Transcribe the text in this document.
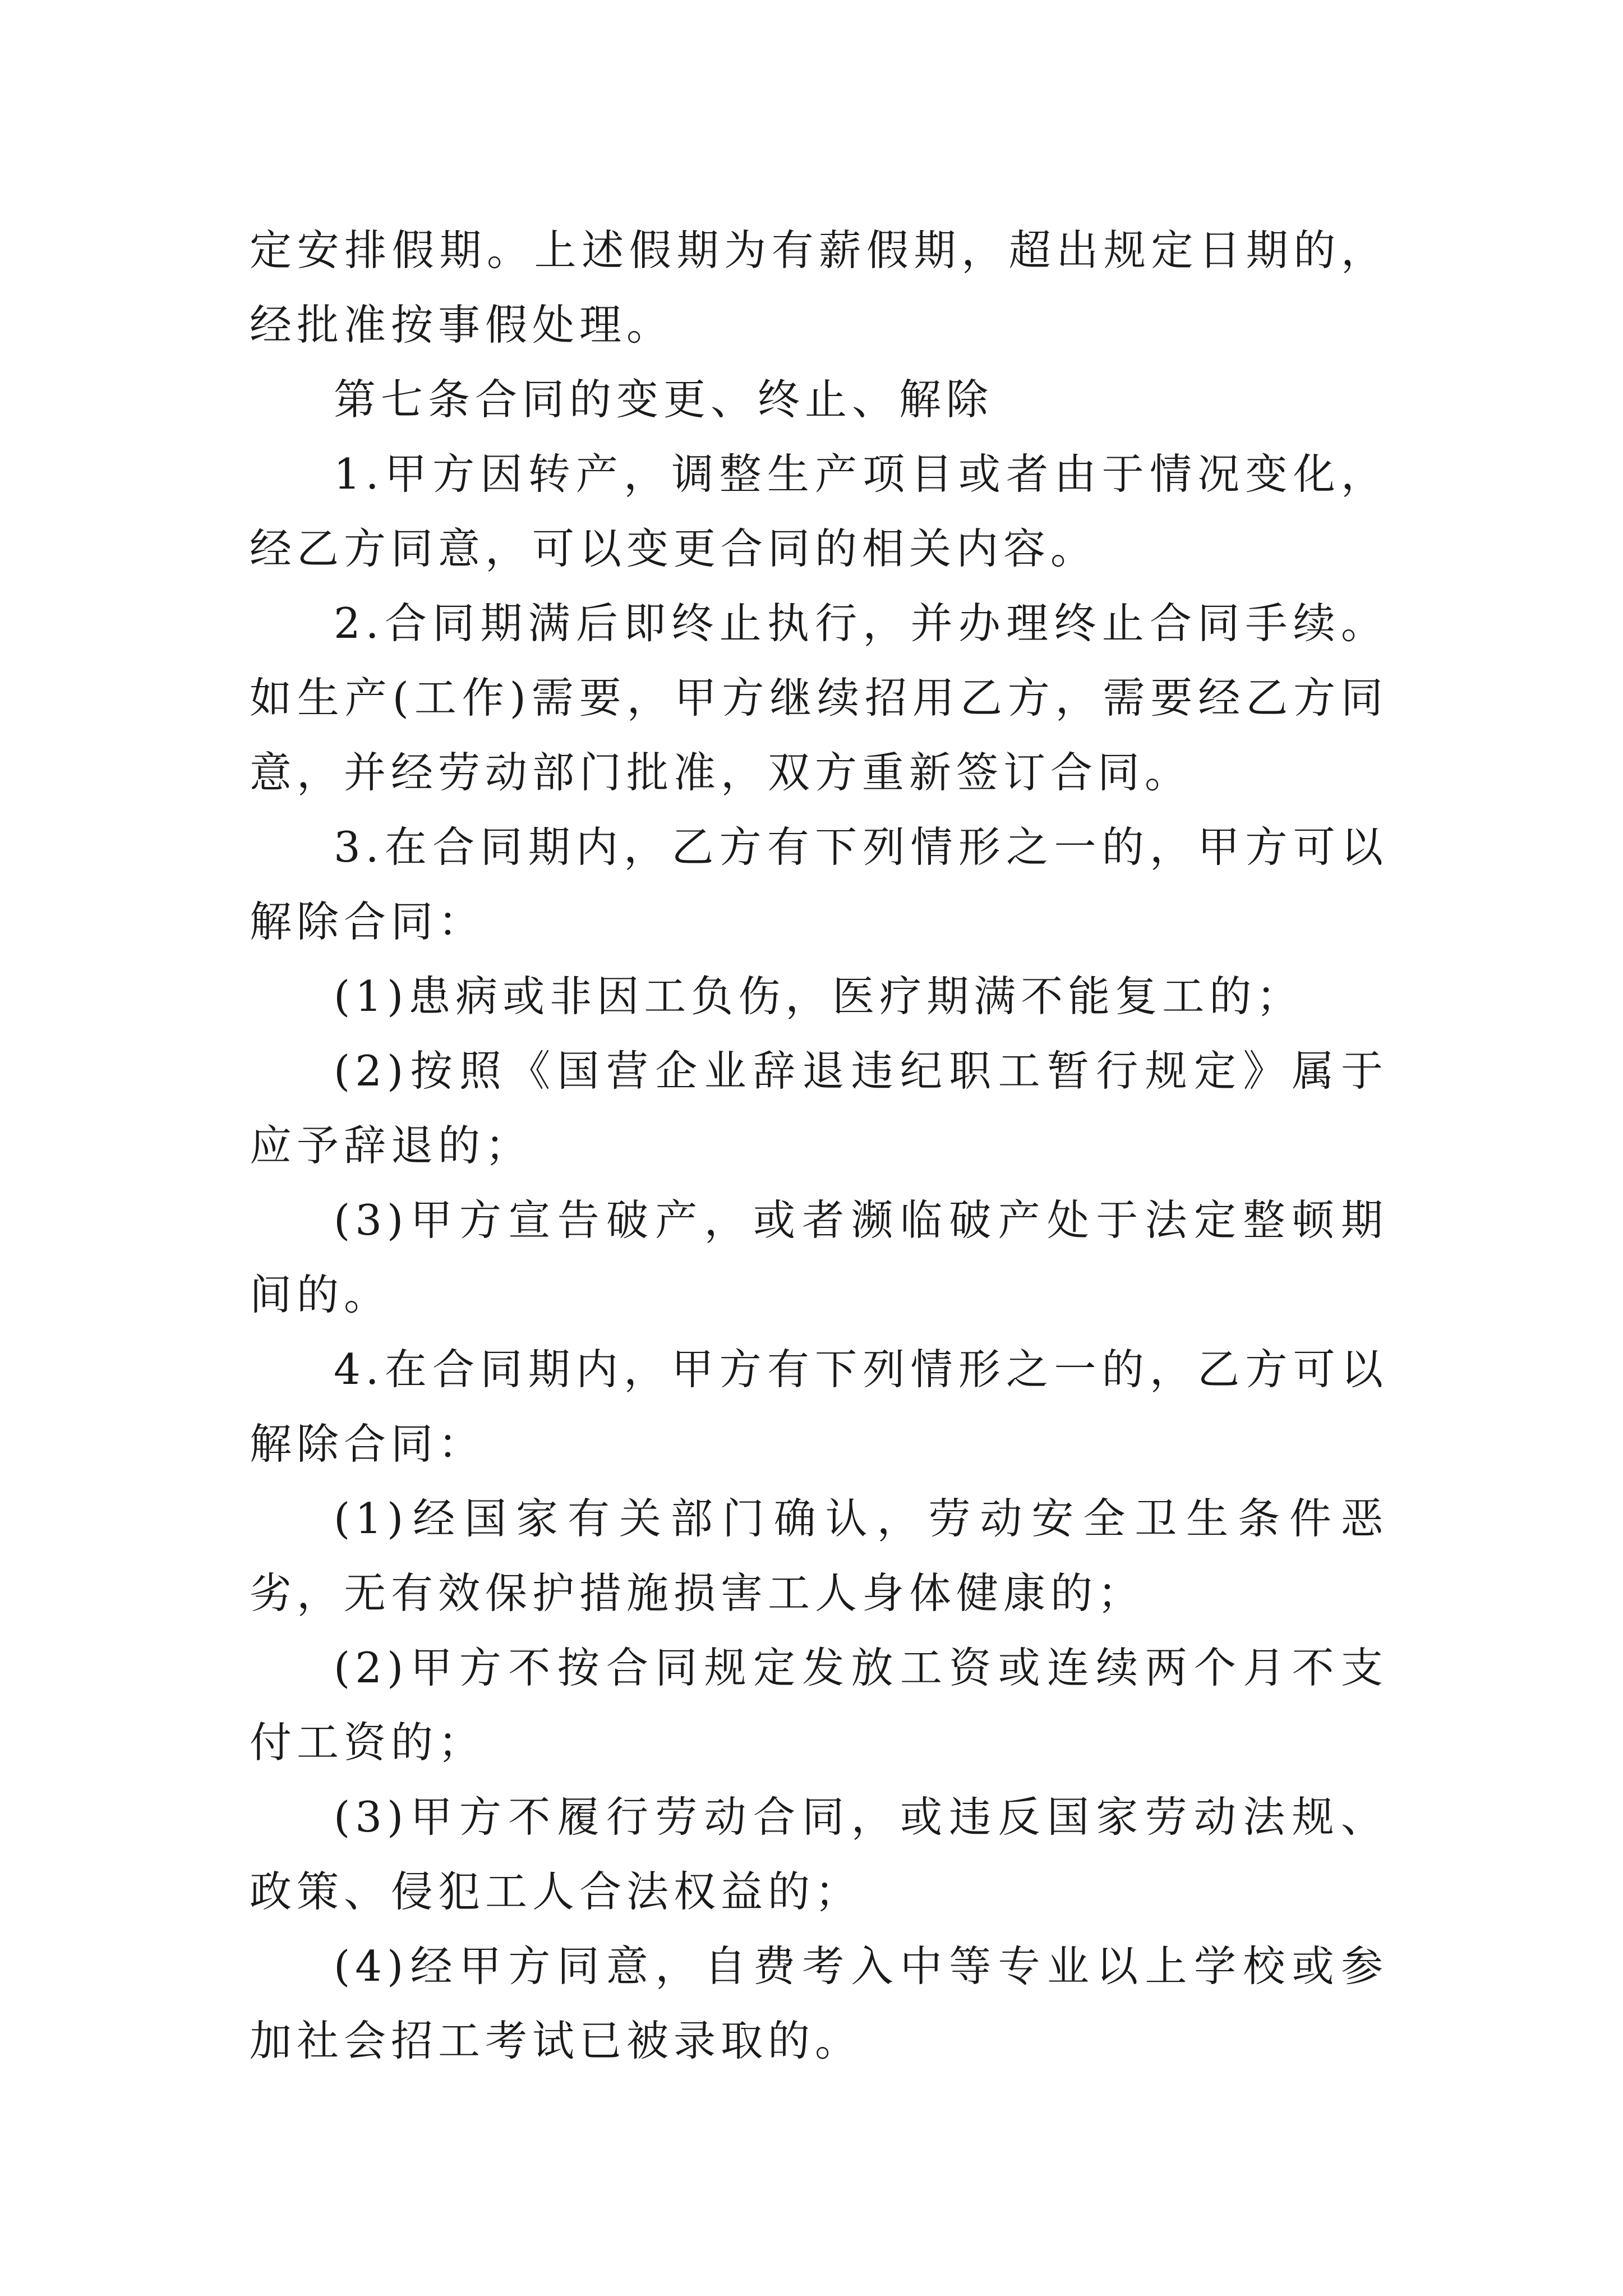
定安排假期。上述假期为有薪假期，超出规定日期的，经批准按事假处理。

第七条合同的变更、终止、解除

1.甲方因转产，调整生产项目或者由于情况变化，经乙方同意，可以变更合同的相关内容。

2.合同期满后即终止执行，并办理终止合同手续。如生产(工作)需要，甲方继续招用乙方，需要经乙方同意，并经劳动部门批准，双方重新签订合同。

3.在合同期内，乙方有下列情形之一的，甲方可以解除合同：

(1)患病或非因工负伤，医疗期满不能复工的；

(2)按照《国营企业辞退违纪职工暂行规定》属于应予辞退的；

(3)甲方宣告破产，或者濒临破产处于法定整顿期间的。

4.在合同期内，甲方有下列情形之一的，乙方可以解除合同：

(1)经国家有关部门确认，劳动安全卫生条件恶劣，无有效保护措施损害工人身体健康的；

(2)甲方不按合同规定发放工资或连续两个月不支付工资的；

(3)甲方不履行劳动合同，或违反国家劳动法规、政策、侵犯工人合法权益的；

(4)经甲方同意，自费考入中等专业以上学校或参加社会招工考试已被录取的。
